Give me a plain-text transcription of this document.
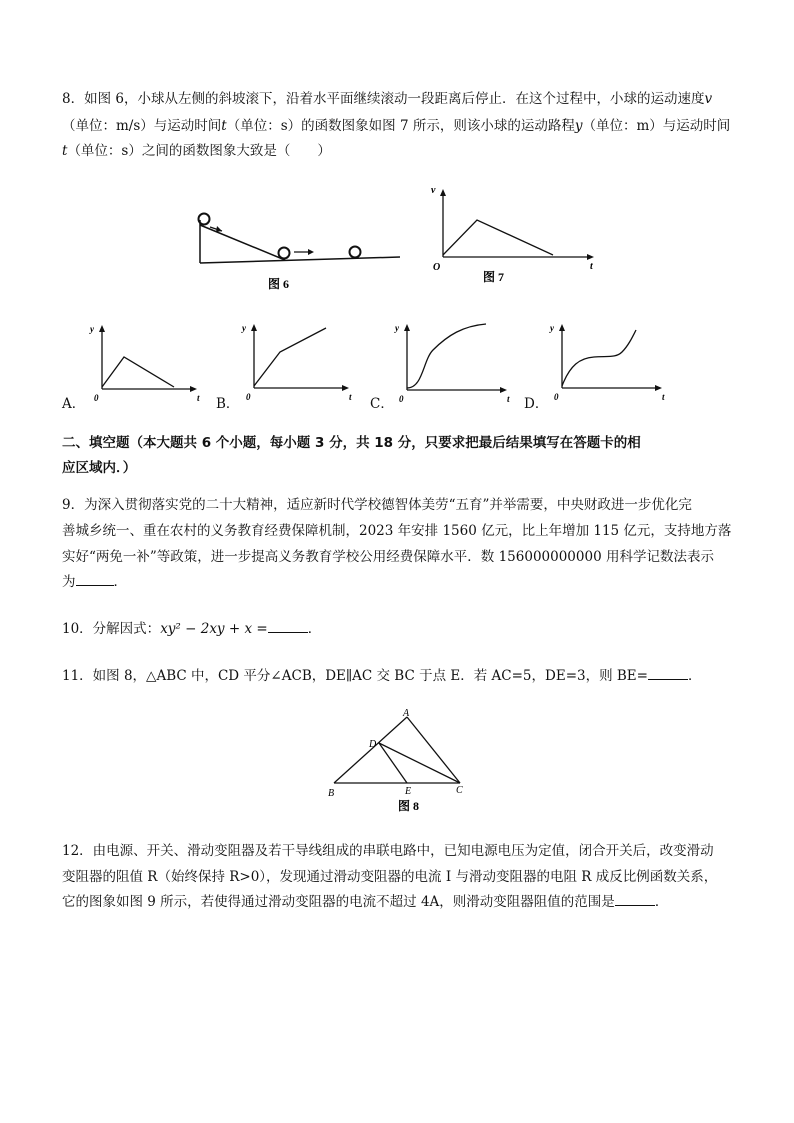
8．如图 6，小球从左侧的斜坡滚下，沿着水平面继续滚动一段距离后停止．在这个过程中，小球的运动速度v
（单位：m/s）与运动时间t（单位：s）的函数图象如图 7 所示，则该小球的运动路程y（单位：m）与运动时间
t（单位：s）之间的函数图象大致是（　　）
图 6
v
t
O
图 7
y
t
0
A．
y
t
0
B．
y
t
0
C．
y
t
0
D．
二、填空题（本大题共 6 个小题，每小题 3 分，共 18 分，只要求把最后结果填写在答题卡的相
应区域内．）
9．为深入贯彻落实党的二十大精神，适应新时代学校德智体美劳“五育”并举需要，中央财政进一步优化完
善城乡统一、重在农村的义务教育经费保障机制，2023 年安排 1560 亿元，比上年增加 115 亿元，支持地方落
实好“两免一补”等政策，进一步提高义务教育学校公用经费保障水平．数 156000000000 用科学记数法表示
为	．
10．分解因式：xy² − 2xy + x =	．
11．如图 8，△ABC 中，CD 平分∠ACB，DE∥AC 交 BC 于点 E．若 AC=5，DE=3，则 BE=	．
A
D
B	E	C
图 8
12．由电源、开关、滑动变阻器及若干导线组成的串联电路中，已知电源电压为定值，闭合开关后，改变滑动
变阻器的阻值 R（始终保持 R>0），发现通过滑动变阻器的电流 I 与滑动变阻器的电阻 R 成反比例函数关系，
它的图象如图 9 所示，若使得通过滑动变阻器的电流不超过 4A，则滑动变阻器阻值的范围是	．
